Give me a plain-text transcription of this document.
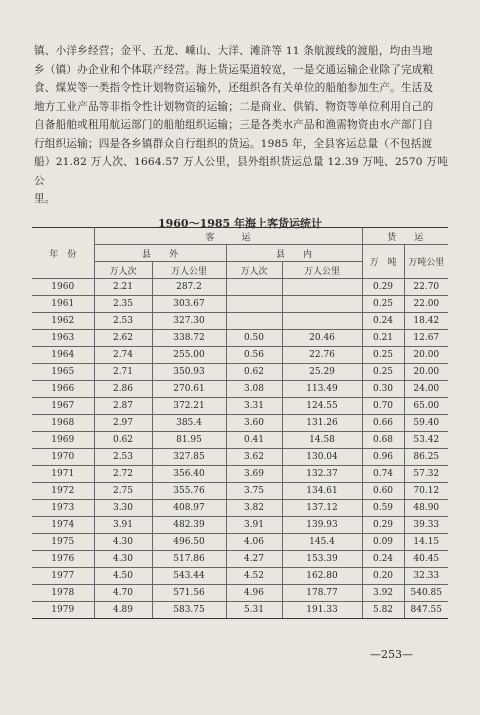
镇、小洋乡经营；金平、五龙、嵊山、大洋、滩浒等 11 条航渡线的渡船，均由当地

乡（镇）办企业和个体联产经营。海上货运渠道较宽，一是交通运输企业除了完成粮

食、煤炭等一类指令性计划物资运输外，还组织各有关单位的船舶参加生产。生活及

地方工业产品等非指令性计划物资的运输；二是商业、供销、物资等单位利用自己的

自备船舶或租用航运部门的船舶组织运输；三是各类水产品和渔需物资由水产部门自

行组织运输；四是各乡镇群众自行组织的货运。1985 年，全县客运总量（不包括渡

船）21.82 万人次、1664.57 万人公里，县外组织货运总量 12.39 万吨、2570 万吨公

里。

1960～1985 年海上客货运统计
年　份	客　　　运				货　　运	
	县　　外		县　　内		万　吨	万吨公里
	万人次	万人公里	万人次	万人公里		
1960	2.21	287.2			0.29	22.70
1961	2.35	303.67			0.25	22.00
1962	2.53	327.30			0.24	18.42
1963	2.62	338.72	0.50	20.46	0.21	12.67
1964	2.74	255.00	0.56	22.76	0.25	20.00
1965	2.71	350.93	0.62	25.29	0.25	20.00
1966	2.86	270.61	3.08	113.49	0.30	24.00
1967	2.87	372.21	3.31	124.55	0.70	65.00
1968	2.97	385.4	3.60	131.26	0.66	59.40
1969	0.62	81.95	0.41	14.58	0.68	53.42
1970	2.53	327.85	3.62	130.04	0.96	86.25
1971	2.72	356.40	3.69	132.37	0.74	57.32
1972	2.75	355.76	3.75	134.61	0.60	70.12
1973	3.30	408.97	3.82	137.12	0.59	48.90
1974	3.91	482.39	3.91	139.93	0.29	39.33
1975	4.30	496.50	4.06	145.4	0.09	14.15
1976	4.30	517.86	4.27	153.39	0.24	40.45
1977	4.50	543.44	4.52	162.80	0.20	32.33
1978	4.70	571.56	4.96	178.77	3.92	540.85
1979	4.89	583.75	5.31	191.33	5.82	847.55
—253—
